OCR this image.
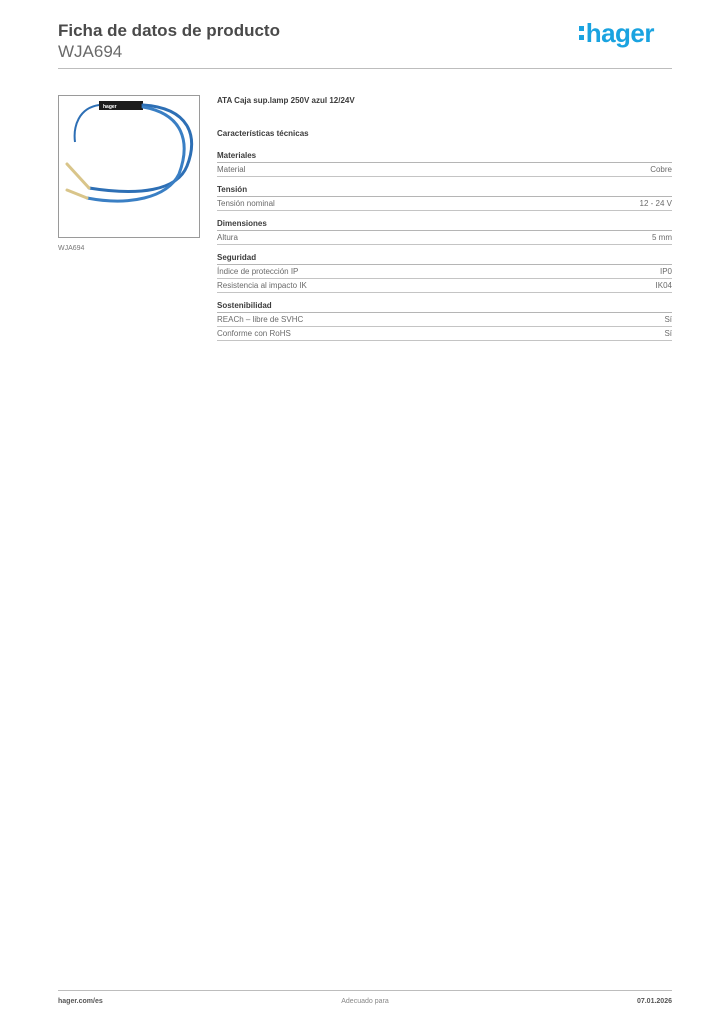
Ficha de datos de producto
WJA694
hager
hager
WJA694
ATA Caja sup.lamp 250V azul 12/24V
Características técnicas
Materiales
Material	Cobre
Tensión
Tensión nominal	12 - 24 V
Dimensiones
Altura	5 mm
Seguridad
Índice de protección IP	IP0
Resistencia al impacto IK	IK04
Sostenibilidad
REACh – libre de SVHC	Sí
Conforme con RoHS	Sí
hager.com/es	Adecuado para	07.01.2026
